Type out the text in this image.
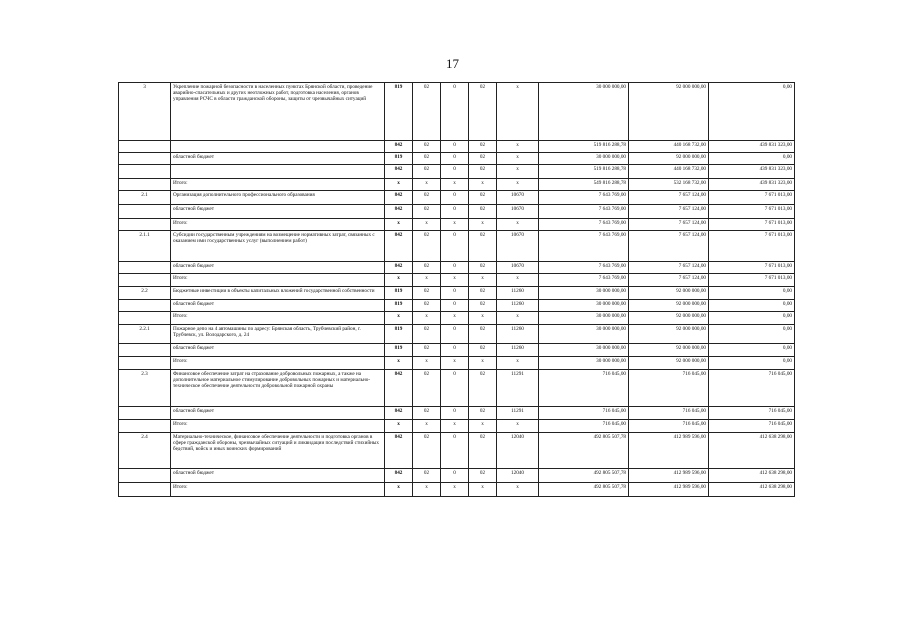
17
3	Укрепление пожарной безопасности в населенных пунктах Брянской области, проведение аварийно-спасательных и других неотложных работ, подготовка населения, органов управления РСЧС в области гражданской обороны, защиты от чрезвычайных ситуаций	819	02	0	02	x	30 000 000,00	92 000 000,00	0,00
		842	02	0	02	x	519 816 288,78	440 168 732,00	439 831 323,00
	областной бюджет	819	02	0	02	x	30 000 000,00	92 000 000,00	0,00
		842	02	0	02	x	519 816 288,78	440 168 732,00	439 831 323,00
	Итого:	x	x	x	x	x	549 816 288,78	532 168 732,00	439 831 323,00
2.1	Организация дополнительного профессионального образования	842	02	0	02	10670	7 643 769,00	7 657 124,00	7 671 013,00
	областной бюджет	842	02	0	02	10670	7 643 769,00	7 657 124,00	7 671 013,00
	Итого:	x	x	x	x	x	7 643 769,00	7 657 124,00	7 671 013,00
2.1.1	Субсидии государственным учреждениям на возмещение нормативных затрат, связанных с оказанием ими государственных услуг (выполнением работ)	842	02	0	02	10670	7 643 769,00	7 657 124,00	7 671 013,00
	областной бюджет	842	02	0	02	10670	7 643 769,00	7 657 124,00	7 671 013,00
	Итого:	x	x	x	x	x	7 643 769,00	7 657 124,00	7 671 013,00
2.2	Бюджетные инвестиции в объекты капитальных вложений государственной собственности	819	02	0	02	11260	30 000 000,00	92 000 000,00	0,00
	областной бюджет	819	02	0	02	11260	30 000 000,00	92 000 000,00	0,00
	Итого:	x	x	x	x	x	30 000 000,00	92 000 000,00	0,00
2.2.1	Пожарное депо на 4 автомашины по адресу: Брянская область, Трубчевский район, г. Трубчевск, ул. Володарского, д. 24	819	02	0	02	11260	30 000 000,00	92 000 000,00	0,00
	областной бюджет	819	02	0	02	11260	30 000 000,00	92 000 000,00	0,00
	Итого:	x	x	x	x	x	30 000 000,00	92 000 000,00	0,00
2.3	Финансовое обеспечение затрат на страхование добровольных пожарных, а также на дополнительное материальное стимулирование добровольных пожарных и материально-техническое обеспечение деятельности добровольной пожарной охраны	842	02	0	02	11291	716 045,00	716 045,00	716 045,00
	областной бюджет	842	02	0	02	11291	716 045,00	716 045,00	716 045,00
	Итого:	x	x	x	x	x	716 045,00	716 045,00	716 045,00
2.4	Материально-техническое, финансовое обеспечение деятельности и подготовка органов в сфере гражданской обороны, чрезвычайных ситуаций и ликвидации последствий стихийных бедствий, войск и иных воинских формирований	842	02	0	02	12040	492 805 507,78	412 989 596,00	412 638 298,00
	областной бюджет	842	02	0	02	12040	492 805 507,78	412 989 596,00	412 638 298,00
	Итого:	x	x	x	x	x	492 805 507,78	412 989 596,00	412 638 298,00
